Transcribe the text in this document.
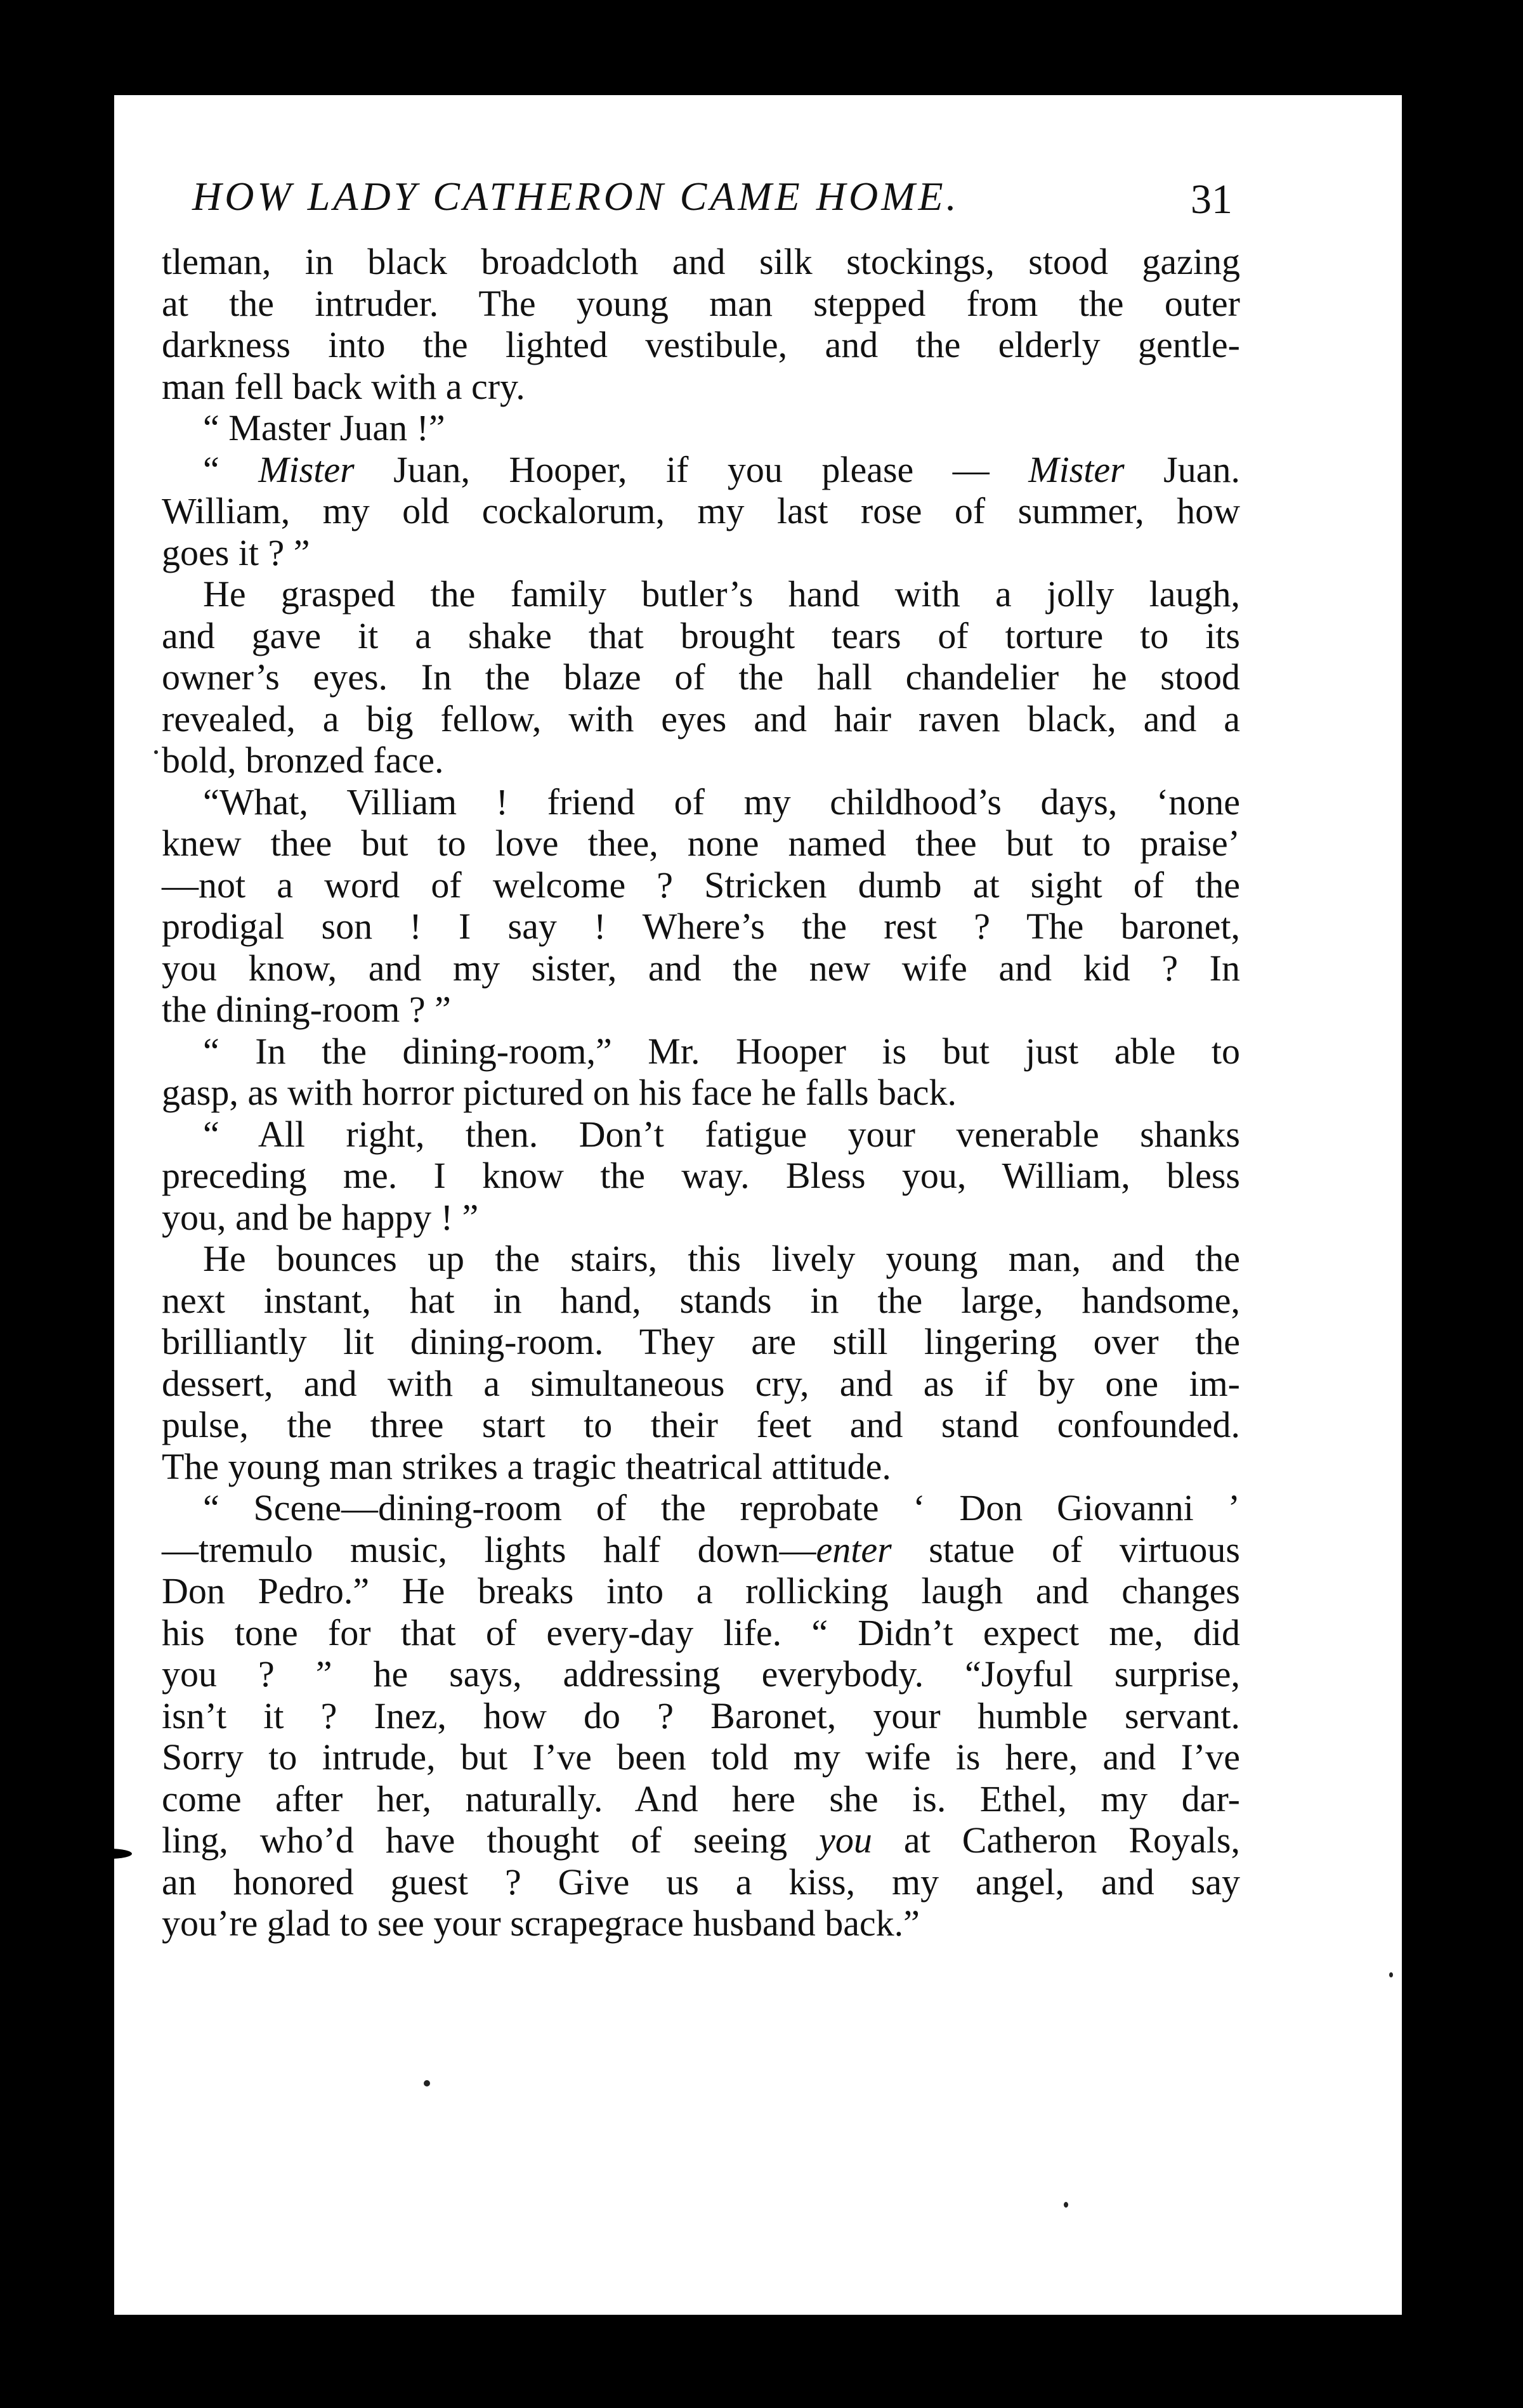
HOW LADY CATHERON CAME HOME.	31
tleman, in black broadcloth and silk stockings, stood gazing
at the intruder. The young man stepped from the outer
darkness into the lighted vestibule, and the elderly gentle-
man fell back with a cry.
“ Master Juan !”
“ Mister Juan, Hooper, if you please — Mister Juan.
William, my old cockalorum, my last rose of summer, how
goes it ? ”
He grasped the family butler’s hand with a jolly laugh,
and gave it a shake that brought tears of torture to its
owner’s eyes. In the blaze of the hall chandelier he stood
revealed, a big fellow, with eyes and hair raven black, and a
bold, bronzed face.
“What, Villiam ! friend of my childhood’s days, ‘none
knew thee but to love thee, none named thee but to praise’
—not a word of welcome ? Stricken dumb at sight of the
prodigal son ! I say ! Where’s the rest ? The baronet,
you know, and my sister, and the new wife and kid ? In
the dining-room ? ”
“ In the dining-room,” Mr. Hooper is but just able to
gasp, as with horror pictured on his face he falls back.
“ All right, then. Don’t fatigue your venerable shanks
preceding me. I know the way. Bless you, William, bless
you, and be happy ! ”
He bounces up the stairs, this lively young man, and the
next instant, hat in hand, stands in the large, handsome,
brilliantly lit dining-room. They are still lingering over the
dessert, and with a simultaneous cry, and as if by one im-
pulse, the three start to their feet and stand confounded.
The young man strikes a tragic theatrical attitude.
“ Scene—dining-room of the reprobate ‘ Don Giovanni ’
—tremulo music, lights half down—enter statue of virtuous
Don Pedro.” He breaks into a rollicking laugh and changes
his tone for that of every-day life. “ Didn’t expect me, did
you ? ” he says, addressing everybody. “Joyful surprise,
isn’t it ? Inez, how do ? Baronet, your humble servant.
Sorry to intrude, but I’ve been told my wife is here, and I’ve
come after her, naturally. And here she is. Ethel, my dar-
ling, who’d have thought of seeing you at Catheron Royals,
an honored guest ? Give us a kiss, my angel, and say
you’re glad to see your scrapegrace husband back.”
